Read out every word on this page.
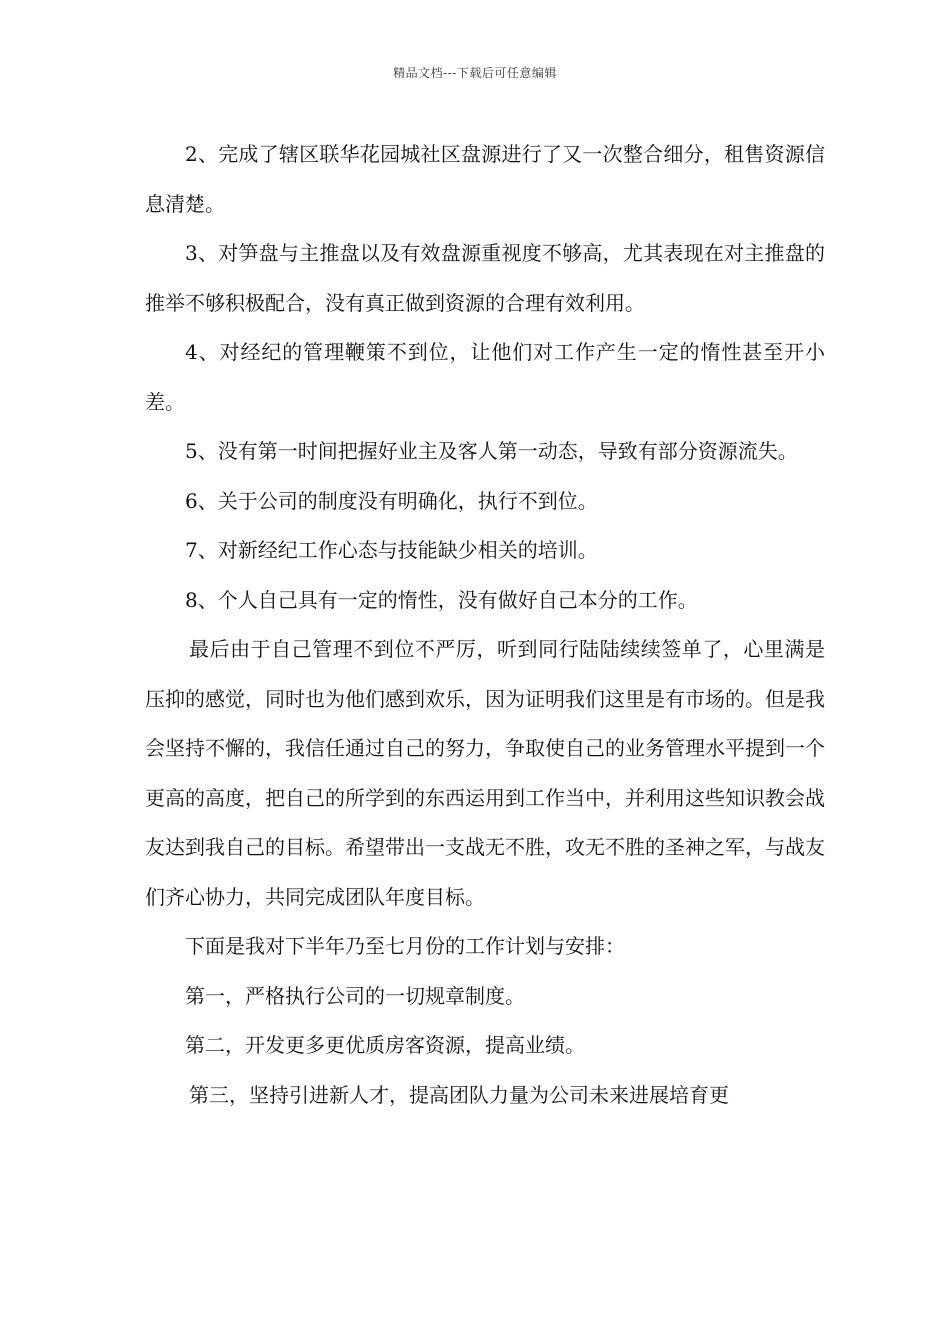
精品文档---下载后可任意编辑

2、完成了辖区联华花园城社区盘源进行了又一次整合细分，租售资源信息清楚。

3、对笋盘与主推盘以及有效盘源重视度不够高，尤其表现在对主推盘的推举不够积极配合，没有真正做到资源的合理有效利用。

4、对经纪的管理鞭策不到位，让他们对工作产生一定的惰性甚至开小差。

5、没有第一时间把握好业主及客人第一动态，导致有部分资源流失。

6、关于公司的制度没有明确化，执行不到位。

7、对新经纪工作心态与技能缺少相关的培训。

8、个人自己具有一定的惰性，没有做好自己本分的工作。

最后由于自己管理不到位不严厉，听到同行陆陆续续签单了，心里满是压抑的感觉，同时也为他们感到欢乐，因为证明我们这里是有市场的。但是我会坚持不懈的，我信任通过自己的努力，争取使自己的业务管理水平提到一个更高的高度，把自己的所学到的东西运用到工作当中，并利用这些知识教会战友达到我自己的目标。希望带出一支战无不胜，攻无不胜的圣神之军，与战友们齐心协力，共同完成团队年度目标。

下面是我对下半年乃至七月份的工作计划与安排：

第一，严格执行公司的一切规章制度。

第二，开发更多更优质房客资源，提高业绩。

第三，坚持引进新人才，提高团队力量为公司未来进展培育更
